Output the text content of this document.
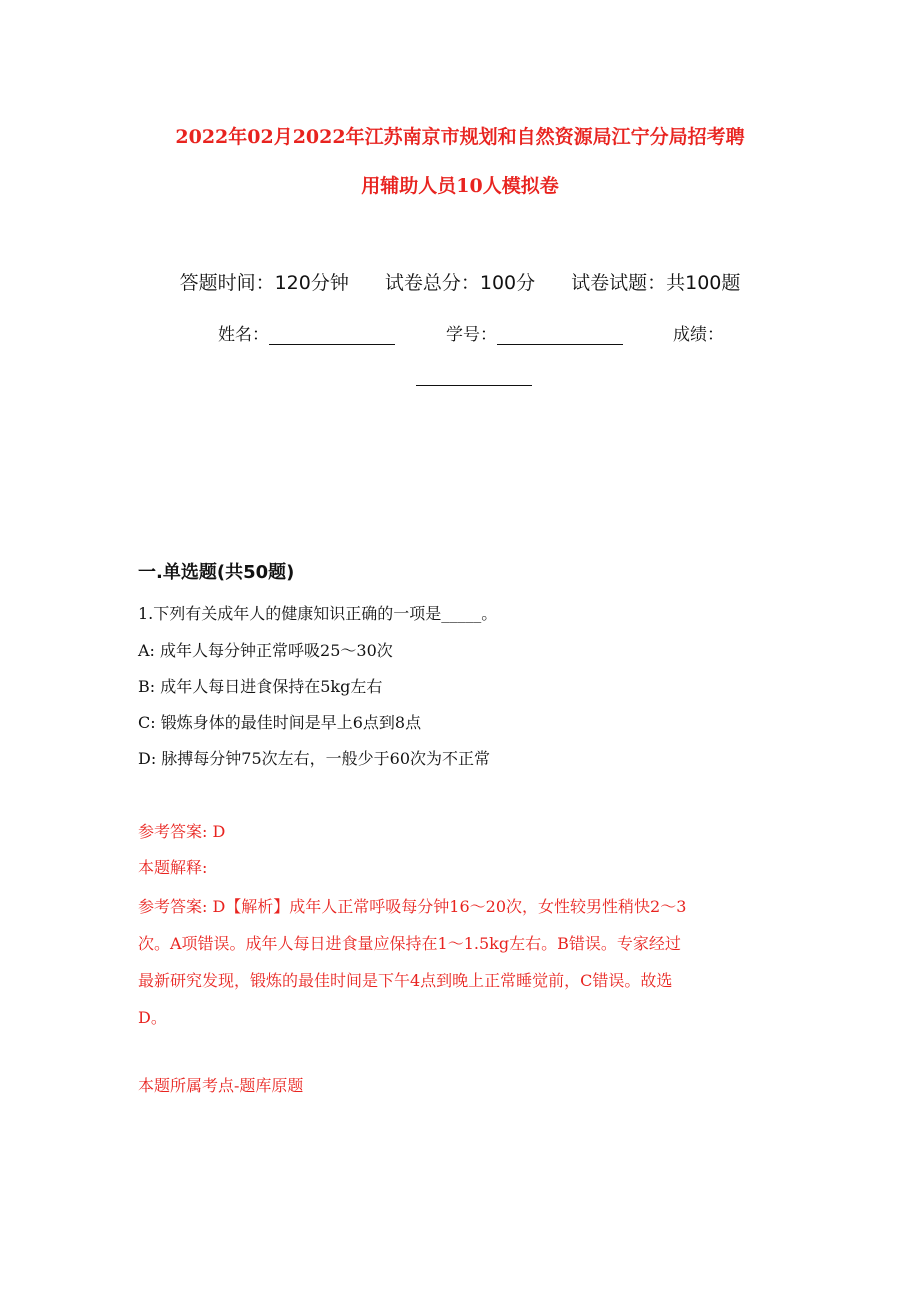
2022年02月2022年江苏南京市规划和自然资源局江宁分局招考聘
用辅助人员10人模拟卷
答题时间：120分钟 试卷总分：100分 试卷试题：共100题
姓名：	学号：	成绩：
一.单选题(共50题)
1.下列有关成年人的健康知识正确的一项是_____。
A: 成年人每分钟正常呼吸25～30次
B: 成年人每日进食保持在5kg左右
C: 锻炼身体的最佳时间是早上6点到8点
D: 脉搏每分钟75次左右，一般少于60次为不正常
参考答案: D
本题解释:
参考答案: D【解析】成年人正常呼吸每分钟16～20次，女性较男性稍快2～3
次。A项错误。成年人每日进食量应保持在1～1.5kg左右。B错误。专家经过
最新研究发现，锻炼的最佳时间是下午4点到晚上正常睡觉前，C错误。故选
D。
本题所属考点-题库原题
